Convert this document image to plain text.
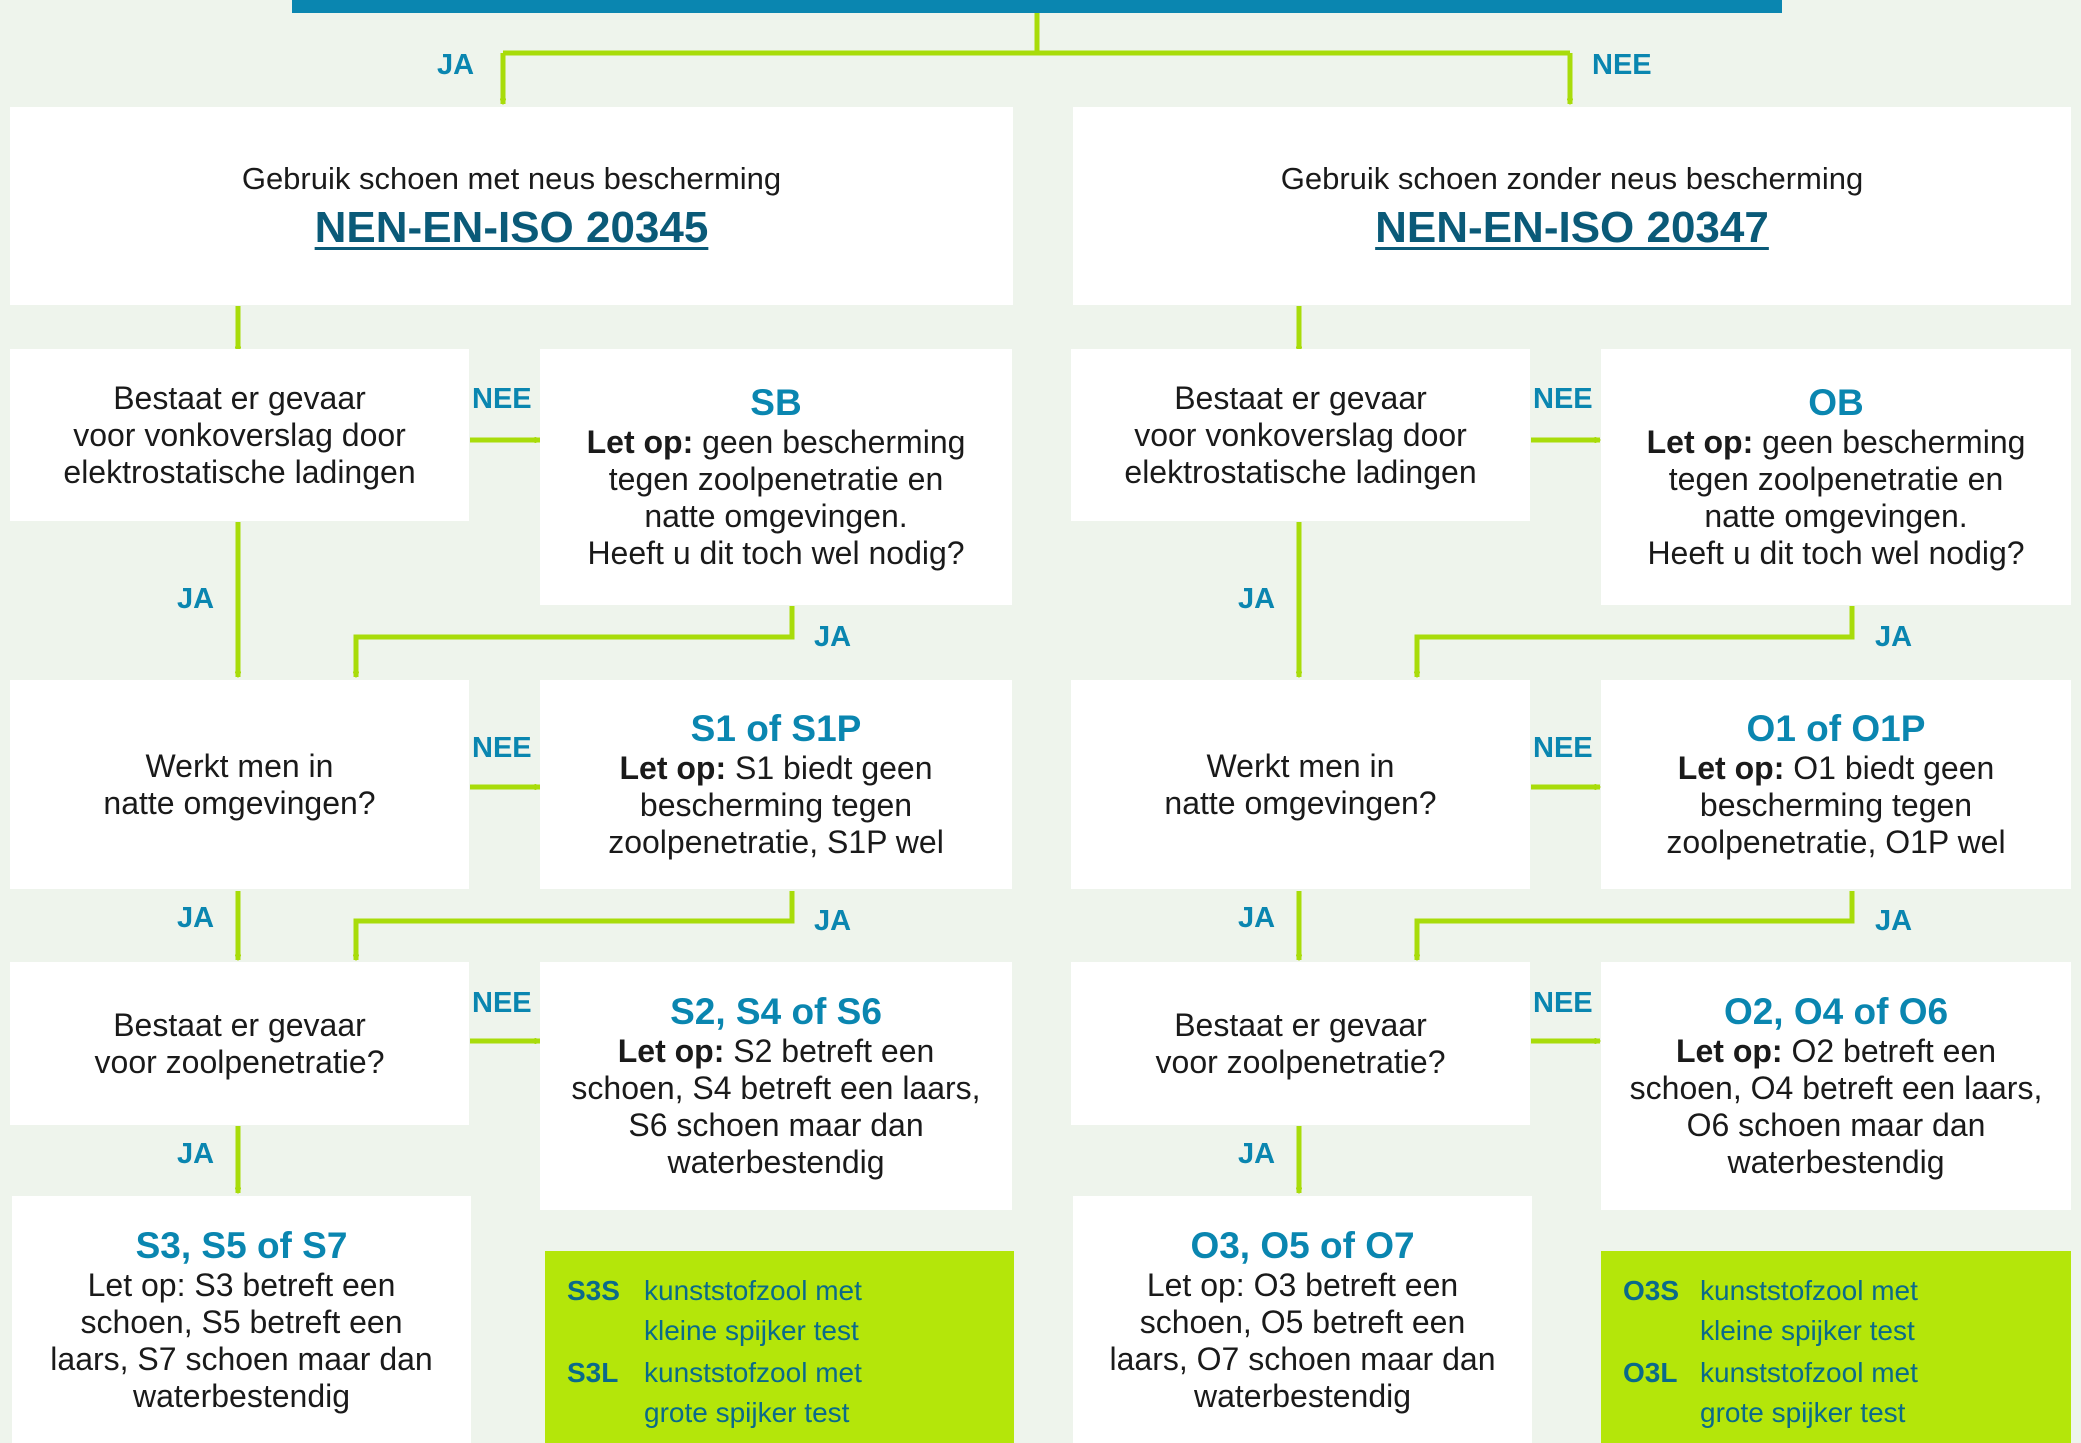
JA	NEE
NEE
JA
JA
NEE
JA	JA
NEE
JA
NEE
JA
JA
NEE
JA	JA
NEE
JA
Gebruik schoen met neus bescherming
NEN-EN-ISO 20345
Bestaat er gevaar
voor vonkoverslag door
elektrostatische ladingen
SB
Let op: geen bescherming
tegen zoolpenetratie en
natte omgevingen.
Heeft u dit toch wel nodig?
Werkt men in
natte omgevingen?
S1 of S1P
Let op: S1 biedt geen
bescherming tegen
zoolpenetratie, S1P wel
Bestaat er gevaar
voor zoolpenetratie?
S2, S4 of S6
Let op: S2 betreft een
schoen, S4 betreft een laars,
S6 schoen maar dan
waterbestendig
S3, S5 of S7
Let op: S3 betreft een
schoen, S5 betreft een
laars, S7 schoen maar dan
waterbestendig
S3S kunststofzool met
kleine spijker test
S3L kunststofzool met
grote spijker test
Gebruik schoen zonder neus bescherming
NEN-EN-ISO 20347
Bestaat er gevaar
voor vonkoverslag door
elektrostatische ladingen
OB
Let op: geen bescherming
tegen zoolpenetratie en
natte omgevingen.
Heeft u dit toch wel nodig?
Werkt men in
natte omgevingen?
O1 of O1P
Let op: O1 biedt geen
bescherming tegen
zoolpenetratie, O1P wel
Bestaat er gevaar
voor zoolpenetratie?
O2, O4 of O6
Let op: O2 betreft een
schoen, O4 betreft een laars,
O6 schoen maar dan
waterbestendig
O3, O5 of O7
Let op: O3 betreft een
schoen, O5 betreft een
laars, O7 schoen maar dan
waterbestendig
O3S kunststofzool met
kleine spijker test
O3L kunststofzool met
grote spijker test
